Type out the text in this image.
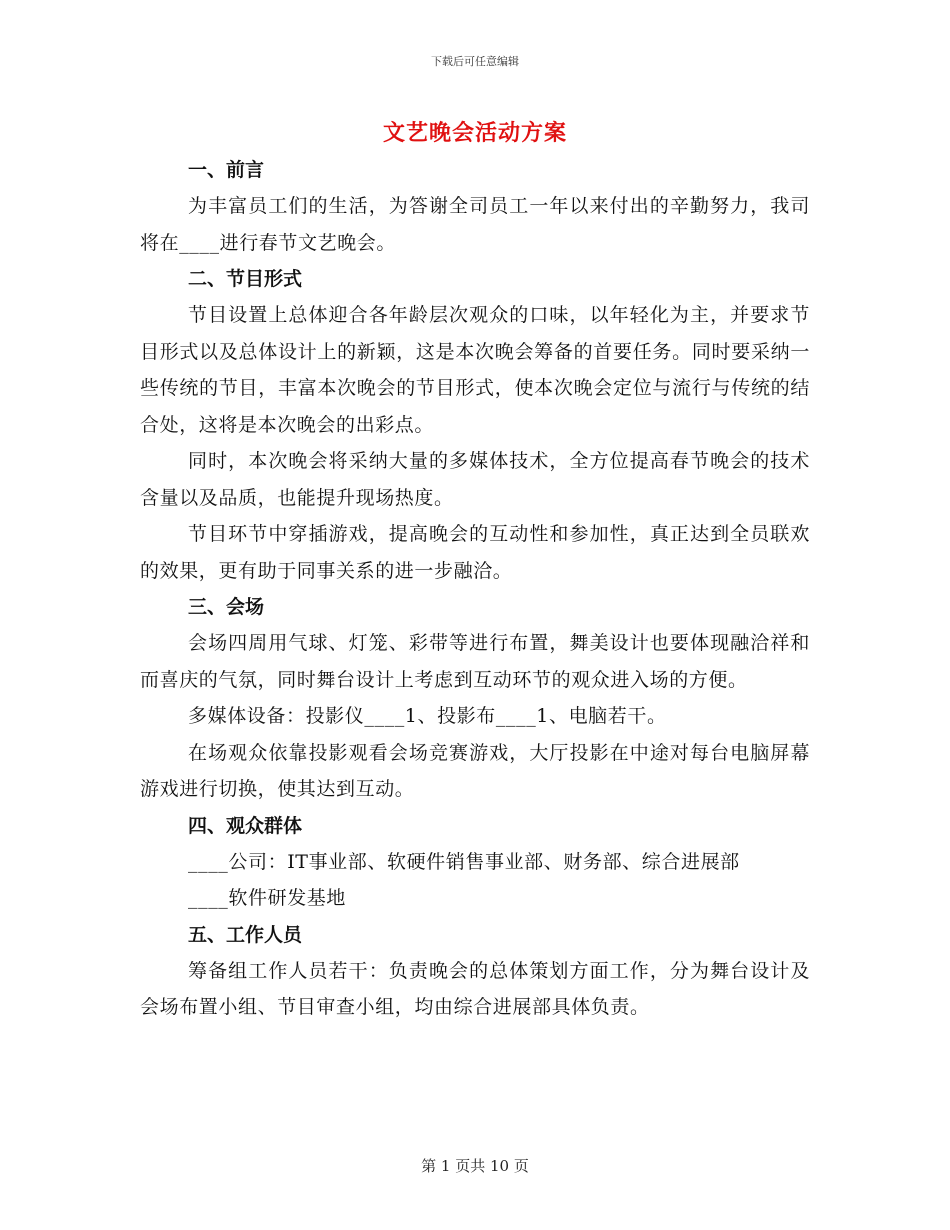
下载后可任意编辑
文艺晚会活动方案
一、前言

为丰富员工们的生活，为答谢全司员工一年以来付出的辛勤努力，我司将在____进行春节文艺晚会。

二、节目形式

节目设置上总体迎合各年龄层次观众的口味，以年轻化为主，并要求节目形式以及总体设计上的新颖，这是本次晚会筹备的首要任务。同时要采纳一些传统的节目，丰富本次晚会的节目形式，使本次晚会定位与流行与传统的结合处，这将是本次晚会的出彩点。

同时，本次晚会将采纳大量的多媒体技术，全方位提高春节晚会的技术含量以及品质，也能提升现场热度。

节目环节中穿插游戏，提高晚会的互动性和参加性，真正达到全员联欢的效果，更有助于同事关系的进一步融洽。

三、会场

会场四周用气球、灯笼、彩带等进行布置，舞美设计也要体现融洽祥和而喜庆的气氛，同时舞台设计上考虑到互动环节的观众进入场的方便。

多媒体设备：投影仪____1、投影布____1、电脑若干。

在场观众依靠投影观看会场竞赛游戏，大厅投影在中途对每台电脑屏幕游戏进行切换，使其达到互动。

四、观众群体

____公司：IT事业部、软硬件销售事业部、财务部、综合进展部

____软件研发基地

五、工作人员

筹备组工作人员若干：负责晚会的总体策划方面工作，分为舞台设计及会场布置小组、节目审查小组，均由综合进展部具体负责。

第 1 页共 10 页
